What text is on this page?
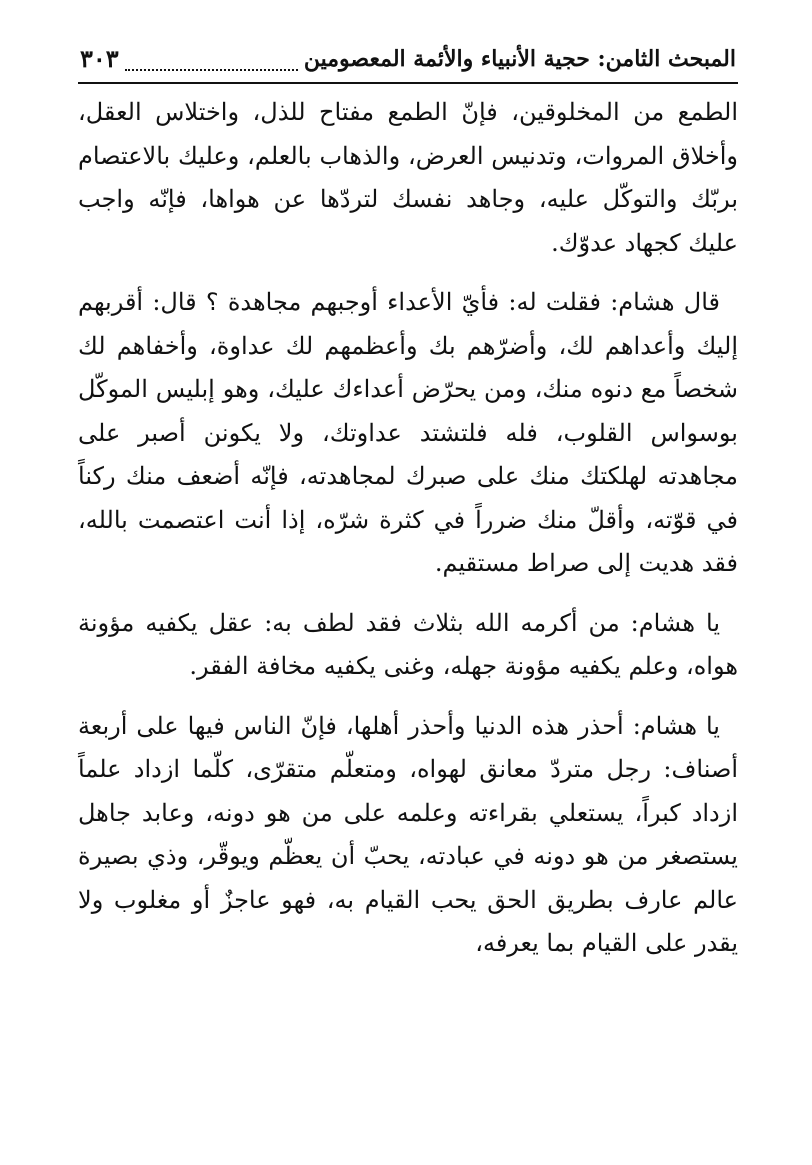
المبحث الثامن: حجية الأنبياء والأئمة المعصومين
٣٠٣

الطمع من المخلوقين، فإنّ الطمع مفتاح للذل، واختلاس العقل، وأخلاق المروات، وتدنيس العرض، والذهاب بالعلم، وعليك بالاعتصام بربّك والتوكّل عليه، وجاهد نفسك لتردّها عن هواها، فإنّه واجب عليك كجهاد عدوّك.

قال هشام: فقلت له: فأيّ الأعداء أوجبهم مجاهدة ؟ قال: أقربهم إليك وأعداهم لك، وأضرّهم بك وأعظمهم لك عداوة، وأخفاهم لك شخصاً مع دنوه منك، ومن يحرّض أعداءك عليك، وهو إبليس الموكّل بوسواس القلوب، فله فلتشتد عداوتك، ولا يكونن أصبر على مجاهدته لهلكتك منك على صبرك لمجاهدته، فإنّه أضعف منك ركناً في قوّته، وأقلّ منك ضرراً في كثرة شرّه، إذا أنت اعتصمت بالله، فقد هديت إلى صراط مستقيم.

يا هشام: من أكرمه الله بثلاث فقد لطف به: عقل يكفيه مؤونة هواه، وعلم يكفيه مؤونة جهله، وغنى يكفيه مخافة الفقر.

يا هشام: أحذر هذه الدنيا وأحذر أهلها، فإنّ الناس فيها على أربعة أصناف: رجل متردّ معانق لهواه، ومتعلّم متقرّى، كلّما ازداد علماً ازداد كبراً، يستعلي بقراءته وعلمه على من هو دونه، وعابد جاهل يستصغر من هو دونه في عبادته، يحبّ أن يعظّم ويوقّر، وذي بصيرة عالم عارف بطريق الحق يحب القيام به، فهو عاجزٌ أو مغلوب ولا يقدر على القيام بما يعرفه،
